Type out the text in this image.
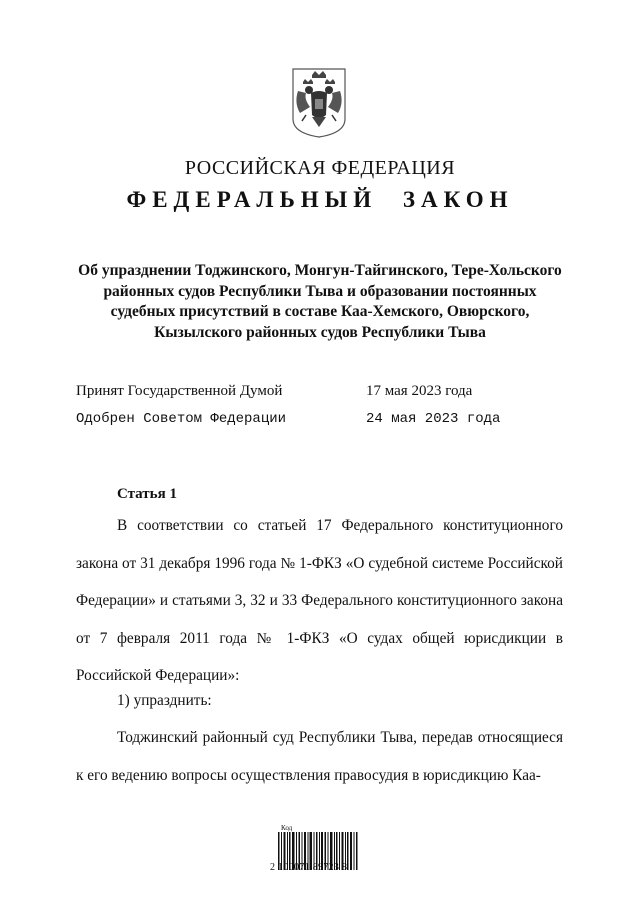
РОССИЙСКАЯ ФЕДЕРАЦИЯ
ФЕДЕРАЛЬНЫЙ ЗАКОН
Об упразднении Тоджинского, Монгун-Тайгинского, Тере-Хольского
районных судов Республики Тыва и образовании постоянных
судебных присутствий в составе Каа-Хемского, Овюрского,
Кызылского районных судов Республики Тыва
Принят Государственной Думой	17 мая 2023 года
Одобрен Советом Федерации	24 мая 2023 года
Статья 1
В соответствии со статьей 17 Федерального конституционного закона от 31 декабря 1996 года № 1-ФКЗ «О судебной системе Российской Федерации» и статьями 3, 32 и 33 Федерального конституционного закона от 7 февраля 2011 года № 1-ФКЗ «О судах общей юрисдикции в Российской Федерации»:
1) упразднить:
Тоджинский районный суд Республики Тыва, передав относящиеся к его ведению вопросы осуществления правосудия в юрисдикцию Каа-
Код
2 100071 89723 8
